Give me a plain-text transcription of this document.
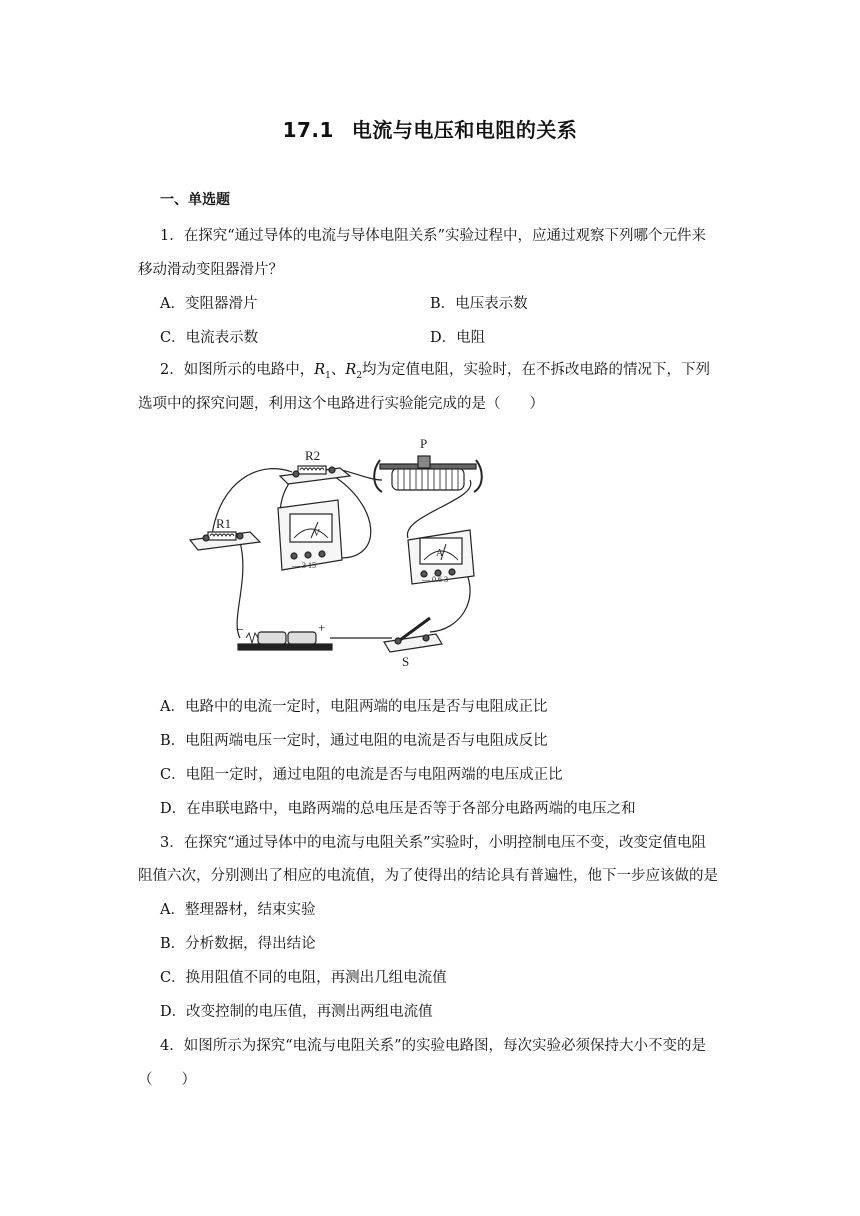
17.1 电流与电压和电阻的关系
一、单选题
1．在探究“通过导体的电流与导体电阻关系”实验过程中，应通过观察下列哪个元件来
移动滑动变阻器滑片？
A．变阻器滑片	B．电压表示数
C．电流表示数	D．电阻
2．如图所示的电路中，$R_1$、$R_2$均为定值电阻，实验时，在不拆改电路的情况下，下列
选项中的探究问题，利用这个电路进行实验能完成的是（　　）
R1
R2
P
V
— 3 15
A
— 0.6 3
−	+
S
A．电路中的电流一定时，电阻两端的电压是否与电阻成正比
B．电阻两端电压一定时，通过电阻的电流是否与电阻成反比
C．电阻一定时，通过电阻的电流是否与电阻两端的电压成正比
D．在串联电路中，电路两端的总电压是否等于各部分电路两端的电压之和
3．在探究“通过导体中的电流与电阻关系”实验时，小明控制电压不变，改变定值电阻
阻值六次，分别测出了相应的电流值，为了使得出的结论具有普遍性，他下一步应该做的是
A．整理器材，结束实验
B．分析数据，得出结论
C．换用阻值不同的电阻，再测出几组电流值
D．改变控制的电压值，再测出两组电流值
4．如图所示为探究“电流与电阻关系”的实验电路图，每次实验必须保持大小不变的是
（　　）
